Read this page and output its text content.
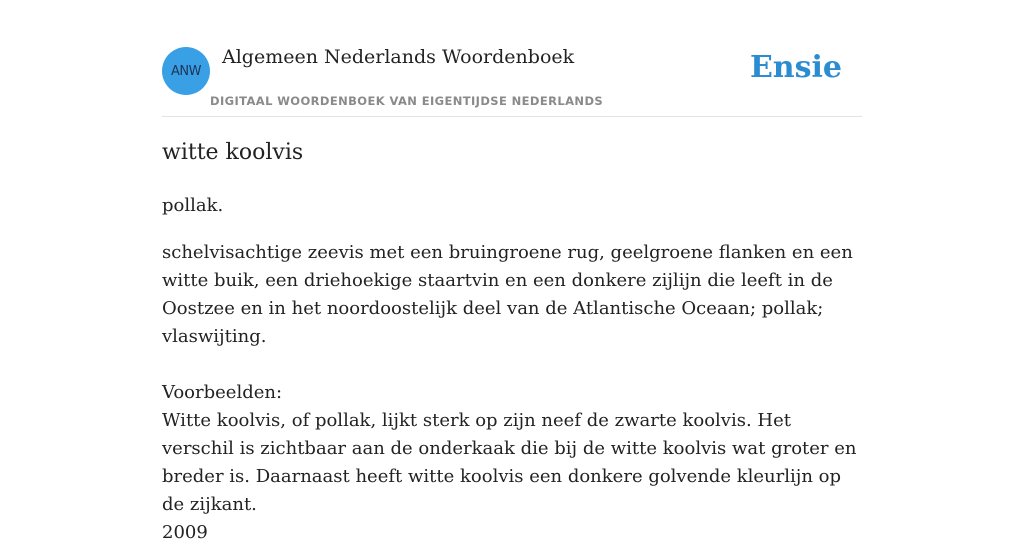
ANW
Algemeen Nederlands Woordenboek
DIGITAAL WOORDENBOEK VAN EIGENTIJDSE NEDERLANDS
Ensie
witte koolvis

pollak.

schelvisachtige zeevis met een bruingroene rug, geelgroene flanken en een witte buik, een driehoekige staartvin en een donkere zijlijn die leeft in de Oostzee en in het noordoostelijk deel van de Atlantische Oceaan; pollak; vlaswijting.

Voorbeelden:

Witte koolvis, of pollak, lijkt sterk op zijn neef de zwarte koolvis. Het verschil is zichtbaar aan de onderkaak die bij de witte koolvis wat groter en breder is. Daarnaast heeft witte koolvis een donkere golvende kleurlijn op de zijkant.

2009
